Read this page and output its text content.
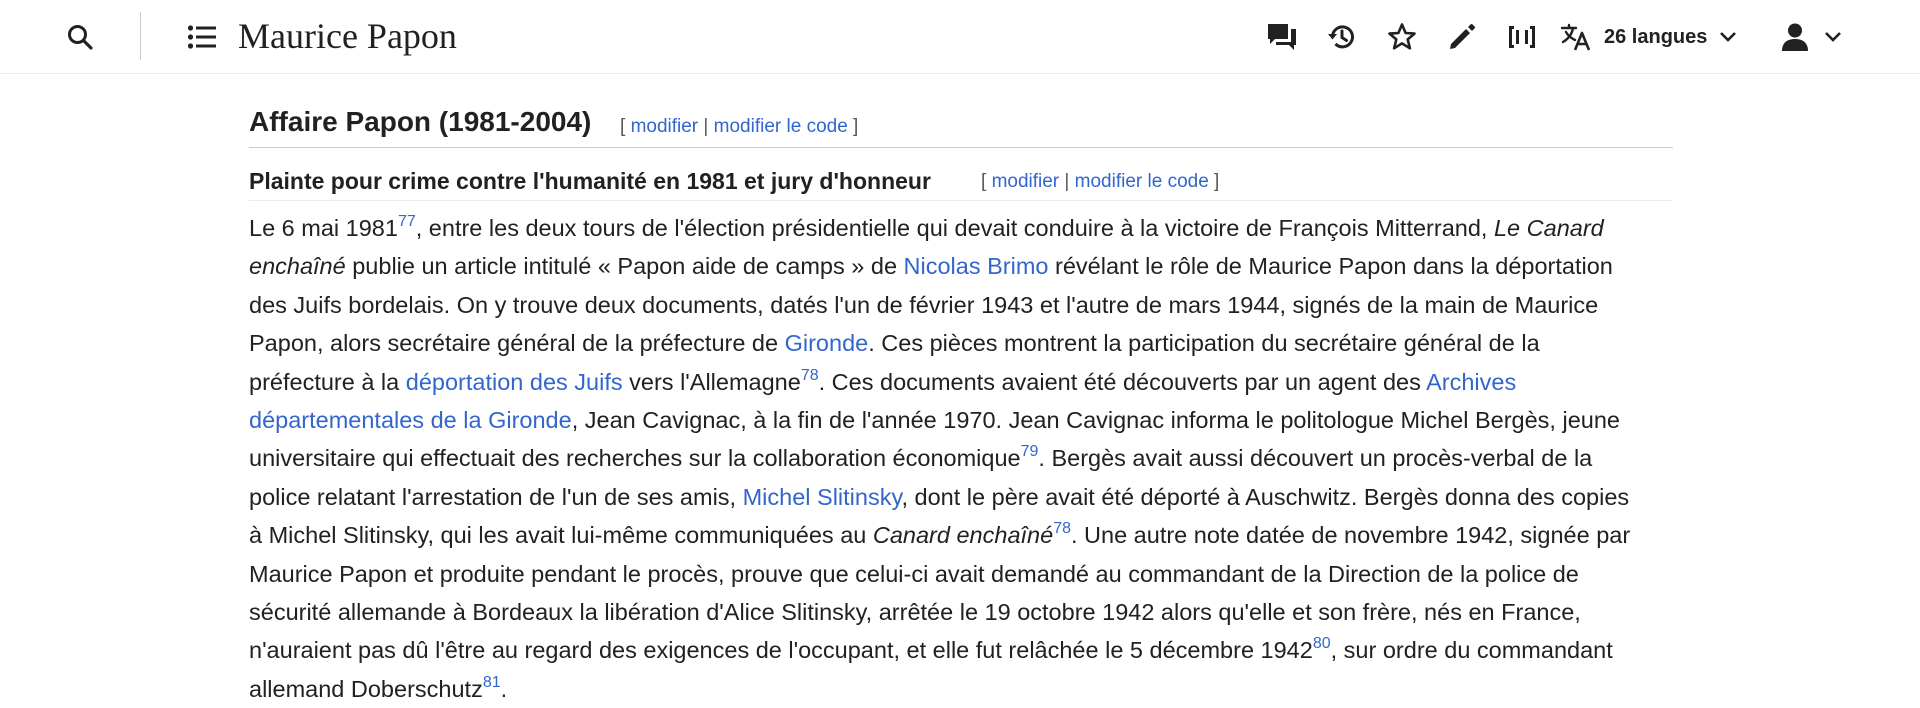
Maurice Papon	26 langues
Affaire Papon (1981-2004) [ modifier | modifier le code ]
Plainte pour crime contre l'humanité en 1981 et jury d'honneur	[ modifier | modifier le code ]
Le 6 mai 1981$^{77}$, entre les deux tours de l'élection présidentielle qui devait conduire à la victoire de François Mitterrand, Le Canard
enchaîné publie un article intitulé « Papon aide de camps » de Nicolas Brimo révélant le rôle de Maurice Papon dans la déportation
des Juifs bordelais. On y trouve deux documents, datés l'un de février 1943 et l'autre de mars 1944, signés de la main de Maurice
Papon, alors secrétaire général de la préfecture de Gironde. Ces pièces montrent la participation du secrétaire général de la
préfecture à la déportation des Juifs vers l'Allemagne$^{78}$. Ces documents avaient été découverts par un agent des Archives
départementales de la Gironde, Jean Cavignac, à la fin de l'année 1970. Jean Cavignac informa le politologue Michel Bergès, jeune
universitaire qui effectuait des recherches sur la collaboration économique$^{79}$. Bergès avait aussi découvert un procès-verbal de la
police relatant l'arrestation de l'un de ses amis, Michel Slitinsky, dont le père avait été déporté à Auschwitz. Bergès donna des copies
à Michel Slitinsky, qui les avait lui-même communiquées au Canard enchaîné$^{78}$. Une autre note datée de novembre 1942, signée par
Maurice Papon et produite pendant le procès, prouve que celui-ci avait demandé au commandant de la Direction de la police de
sécurité allemande à Bordeaux la libération d'Alice Slitinsky, arrêtée le 19 octobre 1942 alors qu'elle et son frère, nés en France,
n'auraient pas dû l'être au regard des exigences de l'occupant, et elle fut relâchée le 5 décembre 1942$^{80}$, sur ordre du commandant
allemand Doberschutz$^{81}$.
